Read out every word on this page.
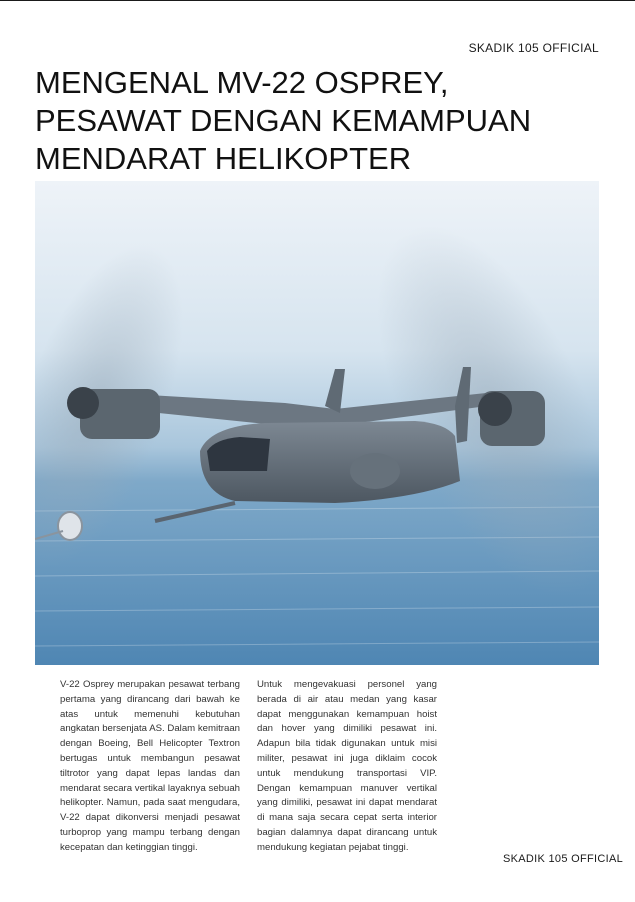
SKADIK 105 OFFICIAL
MENGENAL MV-22 OSPREY,
PESAWAT DENGAN KEMAMPUAN
MENDARAT HELIKOPTER

V-22 Osprey merupakan pesawat terbang pertama yang dirancang dari bawah ke atas untuk memenuhi kebutuhan angkatan bersenjata AS. Dalam kemitraan dengan Boeing, Bell Helicopter Textron bertugas untuk membangun pesawat tiltrotor yang dapat lepas landas dan mendarat secara vertikal layaknya sebuah helikopter. Namun, pada saat mengudara, V-22 dapat dikonversi menjadi pesawat turboprop yang mampu terbang dengan kecepatan dan ketinggian tinggi.

Untuk mengevakuasi personel yang berada di air atau medan yang kasar dapat menggunakan kemampuan hoist dan hover yang dimiliki pesawat ini. Adapun bila tidak digunakan untuk misi militer, pesawat ini juga diklaim cocok untuk mendukung transportasi VIP. Dengan kemampuan manuver vertikal yang dimiliki, pesawat ini dapat mendarat di mana saja secara cepat serta interior bagian dalamnya dapat dirancang untuk mendukung kegiatan pejabat tinggi.

SKADIK 105 OFFICIAL
